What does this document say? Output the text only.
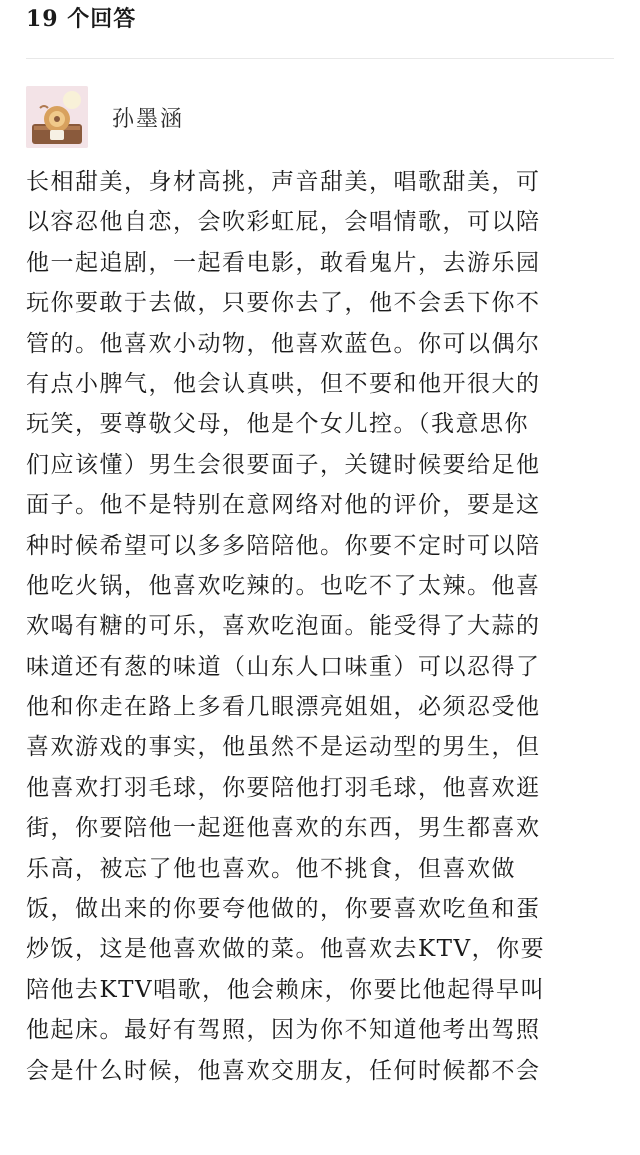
19 个回答
孙墨涵
长相甜美，身材高挑，声音甜美，唱歌甜美，可
以容忍他自恋，会吹彩虹屁，会唱情歌，可以陪
他一起追剧，一起看电影，敢看鬼片，去游乐园
玩你要敢于去做，只要你去了，他不会丢下你不
管的。他喜欢小动物，他喜欢蓝色。你可以偶尔
有点小脾气，他会认真哄，但不要和他开很大的
玩笑，要尊敬父母，他是个女儿控。（我意思你
们应该懂）男生会很要面子，关键时候要给足他
面子。他不是特别在意网络对他的评价，要是这
种时候希望可以多多陪陪他。你要不定时可以陪
他吃火锅，他喜欢吃辣的。也吃不了太辣。他喜
欢喝有糖的可乐，喜欢吃泡面。能受得了大蒜的
味道还有葱的味道（山东人口味重）可以忍得了
他和你走在路上多看几眼漂亮姐姐，必须忍受他
喜欢游戏的事实，他虽然不是运动型的男生，但
他喜欢打羽毛球，你要陪他打羽毛球，他喜欢逛
街，你要陪他一起逛他喜欢的东西，男生都喜欢
乐高，被忘了他也喜欢。他不挑食，但喜欢做
饭，做出来的你要夸他做的，你要喜欢吃鱼和蛋
炒饭，这是他喜欢做的菜。他喜欢去KTV，你要
陪他去KTV唱歌，他会赖床，你要比他起得早叫
他起床。最好有驾照，因为你不知道他考出驾照
会是什么时候，他喜欢交朋友，任何时候都不会
